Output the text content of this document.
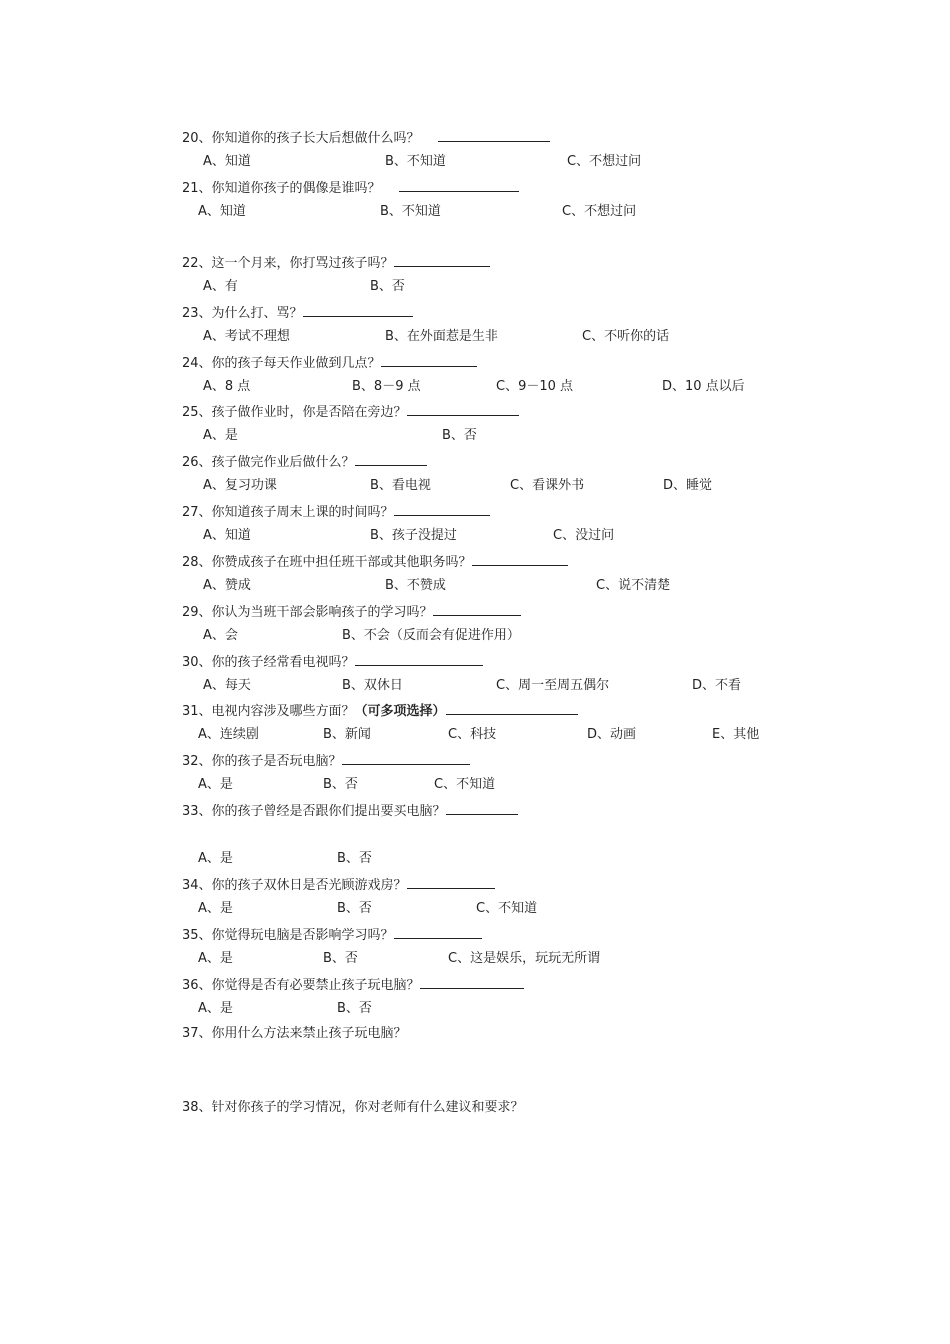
20、你知道你的孩子长大后想做什么吗？
A、知道	B、不知道	C、不想过问
21、你知道你孩子的偶像是谁吗？
A、知道	B、不知道	C、不想过问
22、这一个月来，你打骂过孩子吗？
A、有	B、否
23、为什么打、骂？
A、考试不理想	B、在外面惹是生非	C、不听你的话
24、你的孩子每天作业做到几点？
A、8 点	B、8－9 点	C、9－10 点	D、10 点以后
25、孩子做作业时，你是否陪在旁边？
A、是	B、否
26、孩子做完作业后做什么？
A、复习功课	B、看电视	C、看课外书	D、睡觉
27、你知道孩子周末上课的时间吗？
A、知道	B、孩子没提过	C、没过问
28、你赞成孩子在班中担任班干部或其他职务吗？
A、赞成	B、不赞成	C、说不清楚
29、你认为当班干部会影响孩子的学习吗？
A、会	B、不会（反而会有促进作用）
30、你的孩子经常看电视吗？
A、每天	B、双休日	C、周一至周五偶尔	D、不看
31、电视内容涉及哪些方面？（可多项选择）
A、连续剧	B、新闻	C、科技	D、动画	E、其他
32、你的孩子是否玩电脑？
A、是	B、否	C、不知道
33、你的孩子曾经是否跟你们提出要买电脑？
A、是	B、否
34、你的孩子双休日是否光顾游戏房？
A、是	B、否	C、不知道
35、你觉得玩电脑是否影响学习吗？
A、是	B、否	C、这是娱乐，玩玩无所谓
36、你觉得是否有必要禁止孩子玩电脑？
A、是	B、否
37、你用什么方法来禁止孩子玩电脑？
38、针对你孩子的学习情况，你对老师有什么建议和要求？
